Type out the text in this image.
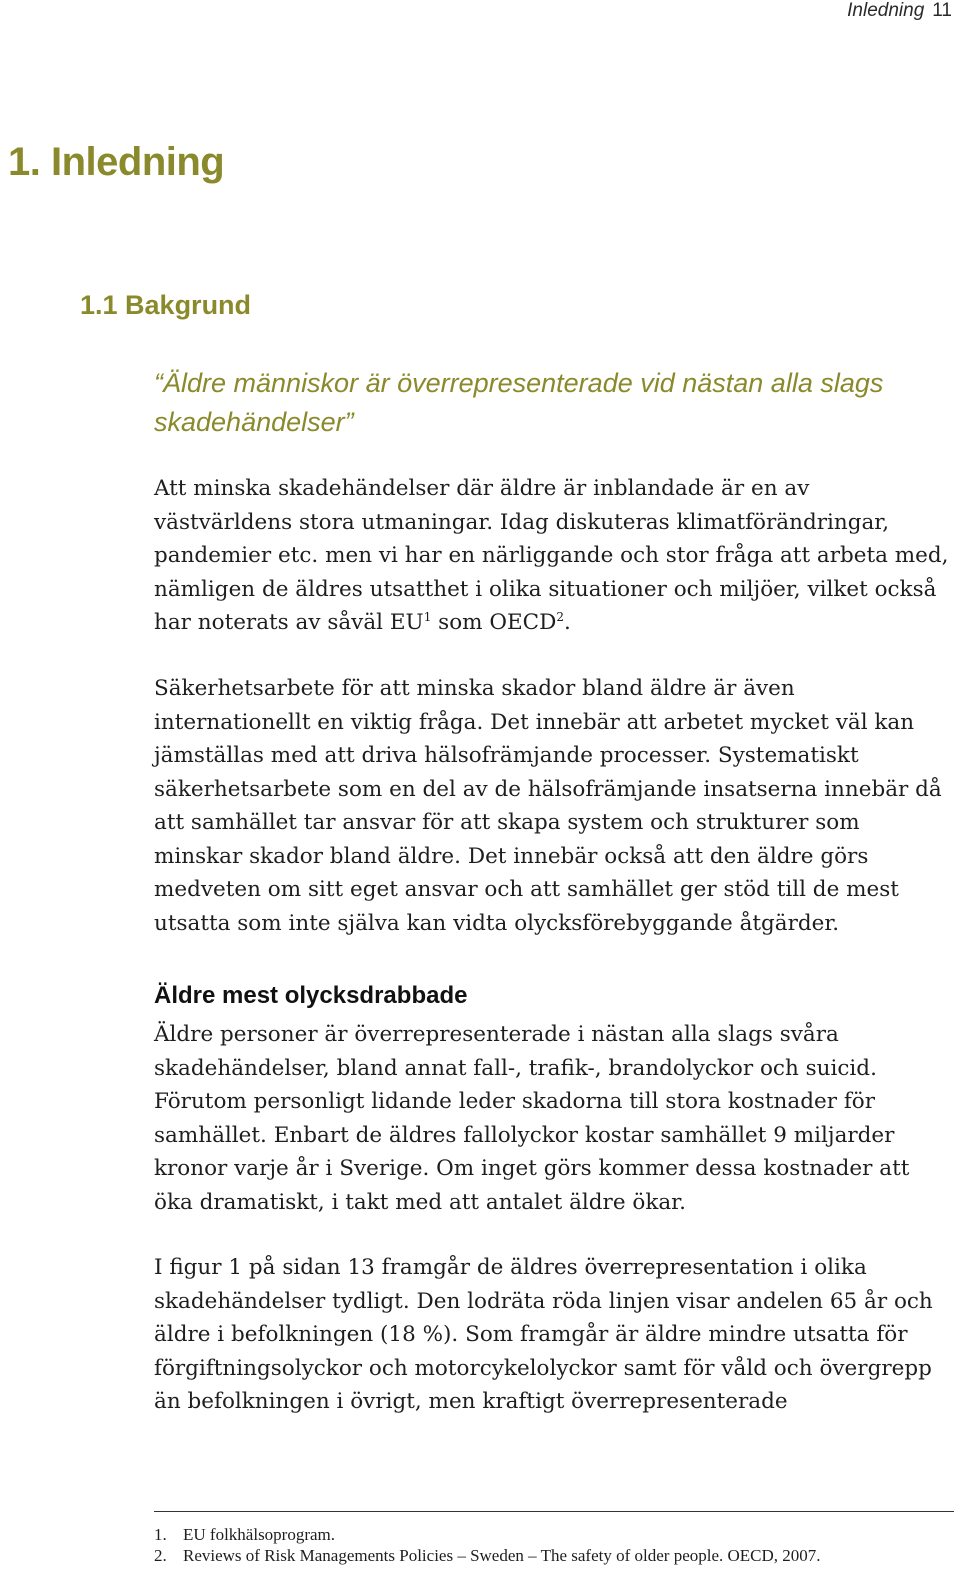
Inledning 11
1. Inledning
1.1 Bakgrund

“Äldre människor är överrepresenterade vid nästan alla slags skadehändelser”

Att minska skadehändelser där äldre är inblandade är en av västvärldens stora utmaningar. Idag diskuteras klimatförändringar, pandemier etc. men vi har en närliggande och stor fråga att arbeta med, nämligen de äldres utsatthet i olika situationer och miljöer, vilket också har noterats av såväl $EU^1$ som OECD$^2$.

Säkerhetsarbete för att minska skador bland äldre är även internationellt en viktig fråga. Det innebär att arbetet mycket väl kan jämställas med att driva hälsofrämjande processer. Systematiskt säkerhetsarbete som en del av de hälsofrämjande insatserna innebär då att samhället tar ansvar för att skapa system och strukturer som minskar skador bland äldre. Det innebär också att den äldre görs medveten om sitt eget ansvar och att samhället ger stöd till de mest utsatta som inte själva kan vidta olycksförebyggande åtgärder.

Äldre mest olycksdrabbade

Äldre personer är överrepresenterade i nästan alla slags svåra skadehändelser, bland annat fall-, trafik-, brandolyckor och suicid. Förutom personligt lidande leder skadorna till stora kostnader för samhället. Enbart de äldres fallolyckor kostar samhället 9 miljarder kronor varje år i Sverige. Om inget görs kommer dessa kostnader att öka dramatiskt, i takt med att antalet äldre ökar.

I figur 1 på sidan 13 framgår de äldres överrepresentation i olika skadehändelser tydligt. Den lodräta röda linjen visar andelen 65 år och äldre i befolkningen (18 %). Som framgår är äldre mindre utsatta för förgiftningsolyckor och motorcykelolyckor samt för våld och övergrepp än befolkningen i övrigt, men kraftigt överrepresenterade

1. EU folkhälsoprogram.
2. Reviews of Risk Managements Policies – Sweden – The safety of older people. OECD, 2007.
